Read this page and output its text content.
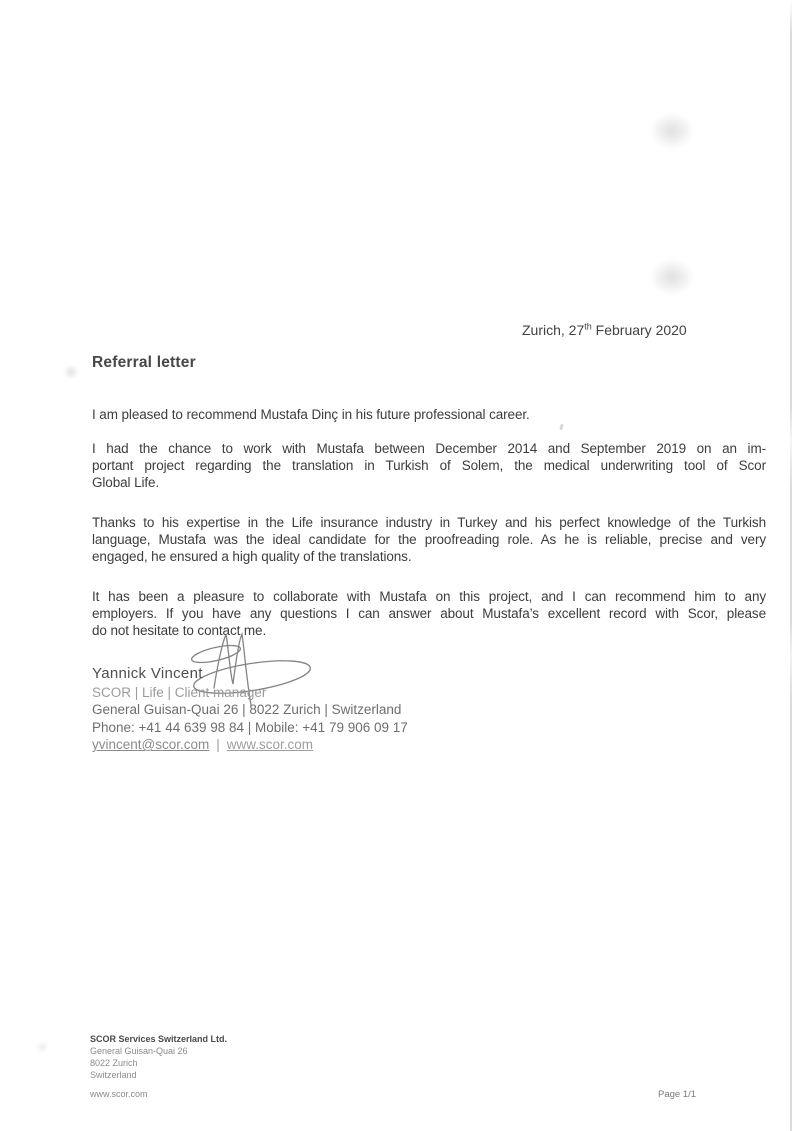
Zurich, 27th February 2020
Referral letter
I am pleased to recommend Mustafa Dinç in his future professional career.
I had the chance to work with Mustafa between December 2014 and September 2019 on an im-
portant project regarding the translation in Turkish of Solem, the medical underwriting tool of Scor
Global Life.
Thanks to his expertise in the Life insurance industry in Turkey and his perfect knowledge of the Turkish
language, Mustafa was the ideal candidate for the proofreading role. As he is reliable, precise and very
engaged, he ensured a high quality of the translations.
It has been a pleasure to collaborate with Mustafa on this project, and I can recommend him to any
employers. If you have any questions I can answer about Mustafa’s excellent record with Scor, please
do not hesitate to contact me.
Yannick Vincent
SCOR | Life | Client manager
General Guisan-Quai 26 | 8022 Zurich | Switzerland
Phone: +41 44 639 98 84 | Mobile: +41 79 906 09 17
yvincent@scor.com | www.scor.com
SCOR Services Switzerland Ltd.
General Guisan-Quai 26
8022 Zurich
Switzerland
www.scor.com	Page 1/1
